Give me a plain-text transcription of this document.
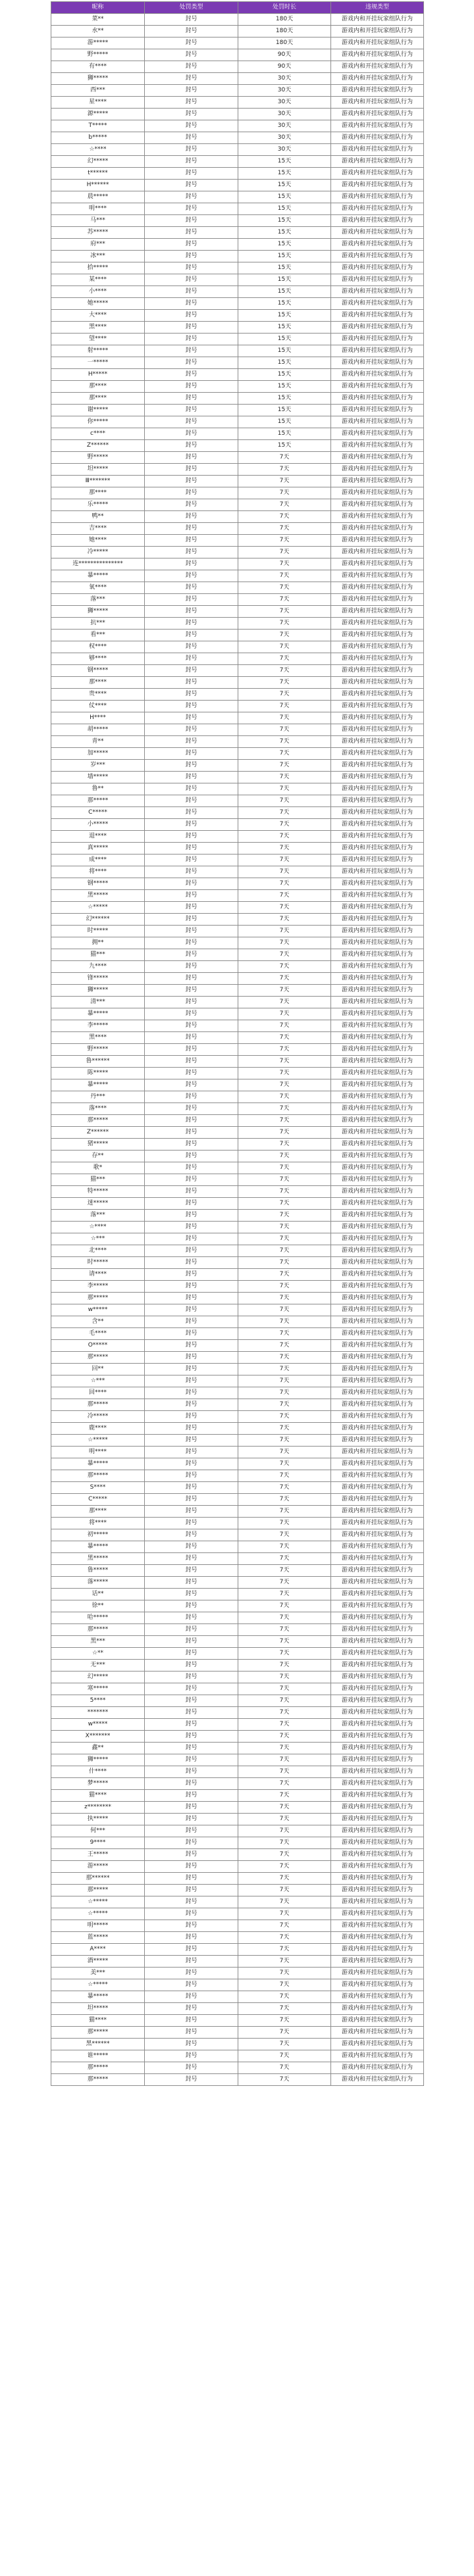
昵称	处罚类型	处罚时长	违规类型
菜**	封号	180天	游戏内和开挂玩家组队行为
水**	封号	180天	游戏内和开挂玩家组队行为
游*****	封号	180天	游戏内和开挂玩家组队行为
野*****	封号	90天	游戏内和开挂玩家组队行为
有****	封号	90天	游戏内和开挂玩家组队行为
狮*****	封号	30天	游戏内和开挂玩家组队行为
西***	封号	30天	游戏内和开挂玩家组队行为
星****	封号	30天	游戏内和开挂玩家组队行为
源*****	封号	30天	游戏内和开挂玩家组队行为
T*****	封号	30天	游戏内和开挂玩家组队行为
b*****	封号	30天	游戏内和开挂玩家组队行为
☆****	封号	30天	游戏内和开挂玩家组队行为
幻*****	封号	15天	游戏内和开挂玩家组队行为
t******	封号	15天	游戏内和开挂玩家组队行为
H******	封号	15天	游戏内和开挂玩家组队行为
晨*****	封号	15天	游戏内和开挂玩家组队行为
明****	封号	15天	游戏内和开挂玩家组队行为
马***	封号	15天	游戏内和开挂玩家组队行为
苏*****	封号	15天	游戏内和开挂玩家组队行为
府***	封号	15天	游戏内和开挂玩家组队行为
冰***	封号	15天	游戏内和开挂玩家组队行为
拾*****	封号	15天	游戏内和开挂玩家组队行为
某****	封号	15天	游戏内和开挂玩家组队行为
小****	封号	15天	游戏内和开挂玩家组队行为
她*****	封号	15天	游戏内和开挂玩家组队行为
大****	封号	15天	游戏内和开挂玩家组队行为
黑****	封号	15天	游戏内和开挂玩家组队行为
望****	封号	15天	游戏内和开挂玩家组队行为
射*****	封号	15天	游戏内和开挂玩家组队行为
一*****	封号	15天	游戏内和开挂玩家组队行为
H*****	封号	15天	游戏内和开挂玩家组队行为
那****	封号	15天	游戏内和开挂玩家组队行为
那****	封号	15天	游戏内和开挂玩家组队行为
谢*****	封号	15天	游戏内和开挂玩家组队行为
你*****	封号	15天	游戏内和开挂玩家组队行为
c****	封号	15天	游戏内和开挂玩家组队行为
Z******	封号	15天	游戏内和开挂玩家组队行为
野*****	封号	7天	游戏内和开挂玩家组队行为
坦*****	封号	7天	游戏内和开挂玩家组队行为
Ⅲ*******	封号	7天	游戏内和开挂玩家组队行为
那****	封号	7天	游戏内和开挂玩家组队行为
乐*****	封号	7天	游戏内和开挂玩家组队行为
鸭**	封号	7天	游戏内和开挂玩家组队行为
吉****	封号	7天	游戏内和开挂玩家组队行为
她****	封号	7天	游戏内和开挂玩家组队行为
冷*****	封号	7天	游戏内和开挂玩家组队行为
连***************	封号	7天	游戏内和开挂玩家组队行为
暴*****	封号	7天	游戏内和开挂玩家组队行为
氧****	封号	7天	游戏内和开挂玩家组队行为
落***	封号	7天	游戏内和开挂玩家组队行为
狮*****	封号	7天	游戏内和开挂玩家组队行为
抗***	封号	7天	游戏内和开挂玩家组队行为
看***	封号	7天	游戏内和开挂玩家组队行为
权****	封号	7天	游戏内和开挂玩家组队行为
够****	封号	7天	游戏内和开挂玩家组队行为
钢*****	封号	7天	游戏内和开挂玩家组队行为
那****	封号	7天	游戏内和开挂玩家组队行为
贵****	封号	7天	游戏内和开挂玩家组队行为
仗****	封号	7天	游戏内和开挂玩家组队行为
H****	封号	7天	游戏内和开挂玩家组队行为
胡*****	封号	7天	游戏内和开挂玩家组队行为
青**	封号	7天	游戏内和开挂玩家组队行为
加*****	封号	7天	游戏内和开挂玩家组队行为
岁***	封号	7天	游戏内和开挂玩家组队行为
墙*****	封号	7天	游戏内和开挂玩家组队行为
鲁**	封号	7天	游戏内和开挂玩家组队行为
那*****	封号	7天	游戏内和开挂玩家组队行为
C*****	封号	7天	游戏内和开挂玩家组队行为
小*****	封号	7天	游戏内和开挂玩家组队行为
退****	封号	7天	游戏内和开挂玩家组队行为
真*****	封号	7天	游戏内和开挂玩家组队行为
成****	封号	7天	游戏内和开挂玩家组队行为
将****	封号	7天	游戏内和开挂玩家组队行为
钢*****	封号	7天	游戏内和开挂玩家组队行为
黑*****	封号	7天	游戏内和开挂玩家组队行为
☆*****	封号	7天	游戏内和开挂玩家组队行为
幻******	封号	7天	游戏内和开挂玩家组队行为
时*****	封号	7天	游戏内和开挂玩家组队行为
拥**	封号	7天	游戏内和开挂玩家组队行为
猫***	封号	7天	游戏内和开挂玩家组队行为
九****	封号	7天	游戏内和开挂玩家组队行为
锋*****	封号	7天	游戏内和开挂玩家组队行为
狮*****	封号	7天	游戏内和开挂玩家组队行为
清***	封号	7天	游戏内和开挂玩家组队行为
暴*****	封号	7天	游戏内和开挂玩家组队行为
李*****	封号	7天	游戏内和开挂玩家组队行为
黑****	封号	7天	游戏内和开挂玩家组队行为
野*****	封号	7天	游戏内和开挂玩家组队行为
鲁******	封号	7天	游戏内和开挂玩家组队行为
陈*****	封号	7天	游戏内和开挂玩家组队行为
暴*****	封号	7天	游戏内和开挂玩家组队行为
丹***	封号	7天	游戏内和开挂玩家组队行为
落****	封号	7天	游戏内和开挂玩家组队行为
那*****	封号	7天	游戏内和开挂玩家组队行为
Z******	封号	7天	游戏内和开挂玩家组队行为
猪*****	封号	7天	游戏内和开挂玩家组队行为
存**	封号	7天	游戏内和开挂玩家组队行为
歌*	封号	7天	游戏内和开挂玩家组队行为
猫***	封号	7天	游戏内和开挂玩家组队行为
特*****	封号	7天	游戏内和开挂玩家组队行为
迷*****	封号	7天	游戏内和开挂玩家组队行为
落***	封号	7天	游戏内和开挂玩家组队行为
☆****	封号	7天	游戏内和开挂玩家组队行为
☆***	封号	7天	游戏内和开挂玩家组队行为
北****	封号	7天	游戏内和开挂玩家组队行为
时*****	封号	7天	游戏内和开挂玩家组队行为
请****	封号	7天	游戏内和开挂玩家组队行为
李*****	封号	7天	游戏内和开挂玩家组队行为
那*****	封号	7天	游戏内和开挂玩家组队行为
w*****	封号	7天	游戏内和开挂玩家组队行为
含**	封号	7天	游戏内和开挂玩家组队行为
毛****	封号	7天	游戏内和开挂玩家组队行为
O*****	封号	7天	游戏内和开挂玩家组队行为
那*****	封号	7天	游戏内和开挂玩家组队行为
回**	封号	7天	游戏内和开挂玩家组队行为
☆***	封号	7天	游戏内和开挂玩家组队行为
回****	封号	7天	游戏内和开挂玩家组队行为
那*****	封号	7天	游戏内和开挂玩家组队行为
冷*****	封号	7天	游戏内和开挂玩家组队行为
鹿****	封号	7天	游戏内和开挂玩家组队行为
☆*****	封号	7天	游戏内和开挂玩家组队行为
明****	封号	7天	游戏内和开挂玩家组队行为
暴*****	封号	7天	游戏内和开挂玩家组队行为
那*****	封号	7天	游戏内和开挂玩家组队行为
S****	封号	7天	游戏内和开挂玩家组队行为
C*****	封号	7天	游戏内和开挂玩家组队行为
那****	封号	7天	游戏内和开挂玩家组队行为
将****	封号	7天	游戏内和开挂玩家组队行为
初*****	封号	7天	游戏内和开挂玩家组队行为
暴*****	封号	7天	游戏内和开挂玩家组队行为
黑*****	封号	7天	游戏内和开挂玩家组队行为
鲁*****	封号	7天	游戏内和开挂玩家组队行为
落*****	封号	7天	游戏内和开挂玩家组队行为
话**	封号	7天	游戏内和开挂玩家组队行为
徐**	封号	7天	游戏内和开挂玩家组队行为
哈*****	封号	7天	游戏内和开挂玩家组队行为
那*****	封号	7天	游戏内和开挂玩家组队行为
黑***	封号	7天	游戏内和开挂玩家组队行为
☆**	封号	7天	游戏内和开挂玩家组队行为
无***	封号	7天	游戏内和开挂玩家组队行为
幻*****	封号	7天	游戏内和开挂玩家组队行为
寒*****	封号	7天	游戏内和开挂玩家组队行为
5****	封号	7天	游戏内和开挂玩家组队行为
*******	封号	7天	游戏内和开挂玩家组队行为
w*****	封号	7天	游戏内和开挂玩家组队行为
X*******	封号	7天	游戏内和开挂玩家组队行为
鑫**	封号	7天	游戏内和开挂玩家组队行为
狮*****	封号	7天	游戏内和开挂玩家组队行为
什****	封号	7天	游戏内和开挂玩家组队行为
梦*****	封号	7天	游戏内和开挂玩家组队行为
猫****	封号	7天	游戏内和开挂玩家组队行为
z********	封号	7天	游戏内和开挂玩家组队行为
执*****	封号	7天	游戏内和开挂玩家组队行为
何***	封号	7天	游戏内和开挂玩家组队行为
9****	封号	7天	游戏内和开挂玩家组队行为
王*****	封号	7天	游戏内和开挂玩家组队行为
游*****	封号	7天	游戏内和开挂玩家组队行为
那******	封号	7天	游戏内和开挂玩家组队行为
那*****	封号	7天	游戏内和开挂玩家组队行为
☆*****	封号	7天	游戏内和开挂玩家组队行为
☆*****	封号	7天	游戏内和开挂玩家组队行为
明*****	封号	7天	游戏内和开挂玩家组队行为
蓝*****	封号	7天	游戏内和开挂玩家组队行为
A****	封号	7天	游戏内和开挂玩家组队行为
酒*****	封号	7天	游戏内和开挂玩家组队行为
美***	封号	7天	游戏内和开挂玩家组队行为
☆*****	封号	7天	游戏内和开挂玩家组队行为
暴*****	封号	7天	游戏内和开挂玩家组队行为
坦*****	封号	7天	游戏内和开挂玩家组队行为
猫****	封号	7天	游戏内和开挂玩家组队行为
那*****	封号	7天	游戏内和开挂玩家组队行为
黑******	封号	7天	游戏内和开挂玩家组队行为
谁*****	封号	7天	游戏内和开挂玩家组队行为
那*****	封号	7天	游戏内和开挂玩家组队行为
那*****	封号	7天	游戏内和开挂玩家组队行为
